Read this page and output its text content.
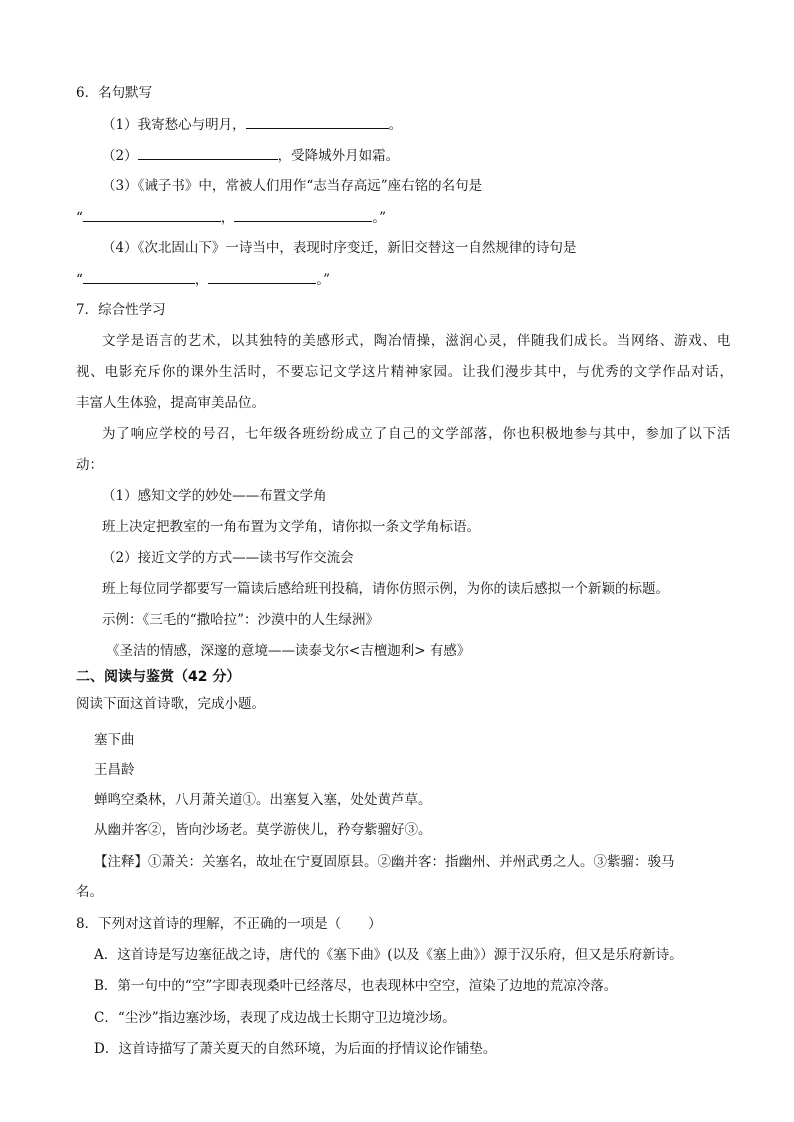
6．名句默写
（1）我寄愁心与明月，	。
（2）	，受降城外月如霜。
（3）《诫子书》中，常被人们用作“志当存高远”座右铭的名句是
“	，	。”
（4）《次北固山下》一诗当中，表现时序变迁，新旧交替这一自然规律的诗句是
“	，	。”
7．综合性学习
文学是语言的艺术，以其独特的美感形式，陶冶情操，滋润心灵，伴随我们成长。当网络、游戏、电
视、电影充斥你的课外生活时，不要忘记文学这片精神家园。让我们漫步其中，与优秀的文学作品对话，
丰富人生体验，提高审美品位。
为了响应学校的号召，七年级各班纷纷成立了自己的文学部落，你也积极地参与其中，参加了以下活
动：
（1）感知文学的妙处——布置文学角
班上决定把教室的一角布置为文学角，请你拟一条文学角标语。
（2）接近文学的方式——读书写作交流会
班上每位同学都要写一篇读后感给班刊投稿，请你仿照示例，为你的读后感拟一个新颖的标题。
示例：《三毛的“撒哈拉”：沙漠中的人生绿洲》
《圣洁的情感，深邃的意境——读泰戈尔<吉檀迦利> 有感》
二、阅读与鉴赏（42 分）
阅读下面这首诗歌，完成小题。
塞下曲
王昌龄
蝉鸣空桑林，八月萧关道①。出塞复入塞，处处黄芦草。
从幽并客②，皆向沙场老。莫学游侠儿，矜夸紫骝好③。
【注释】①萧关：关塞名，故址在宁夏固原县。②幽并客：指幽州、并州武勇之人。③紫骝：骏马
名。
8．下列对这首诗的理解，不正确的一项是（　　）
A．这首诗是写边塞征战之诗，唐代的《塞下曲》(以及《塞上曲》）源于汉乐府，但又是乐府新诗。
B．第一句中的“空”字即表现桑叶已经落尽，也表现林中空空，渲染了边地的荒凉冷落。
C．“尘沙”指边塞沙场，表现了戍边战士长期守卫边境沙场。
D．这首诗描写了萧关夏天的自然环境，为后面的抒情议论作铺垫。
